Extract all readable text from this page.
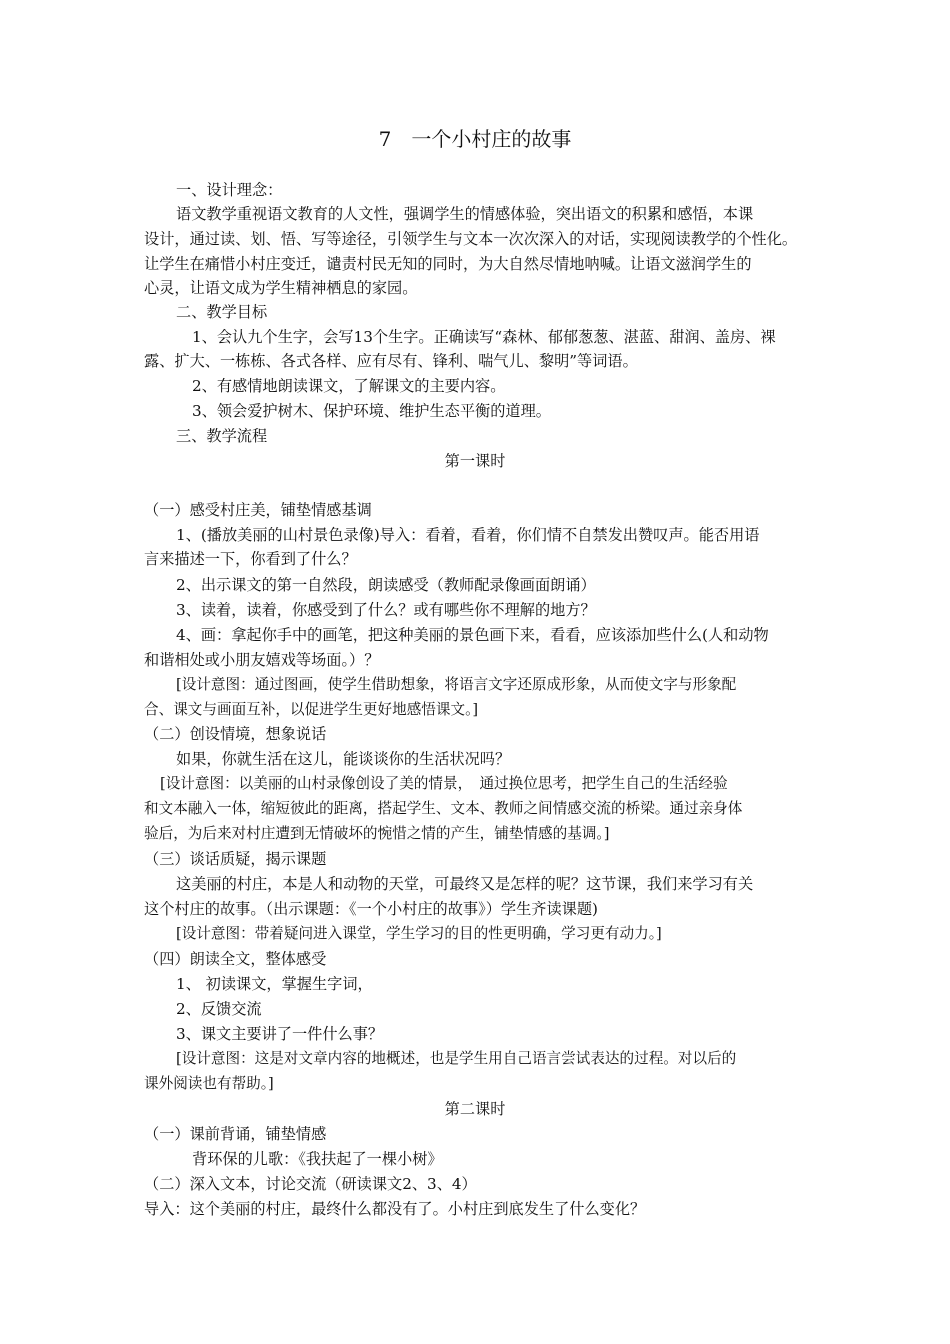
7　一个小村庄的故事
一、设计理念：
语文教学重视语文教育的人文性，强调学生的情感体验，突出语文的积累和感悟，本课
设计，通过读、划、悟、写等途径，引领学生与文本一次次深入的对话，实现阅读教学的个性化。
让学生在痛惜小村庄变迁，谴责村民无知的同时，为大自然尽情地呐喊。让语文滋润学生的
心灵，让语文成为学生精神栖息的家园。
二、教学目标
1、会认九个生字，会写13个生字。正确读写“森林、郁郁葱葱、湛蓝、甜润、盖房、裸
露、扩大、一栋栋、各式各样、应有尽有、锋利、喘气儿、黎明”等词语。
2、有感情地朗读课文，了解课文的主要内容。
3、领会爱护树木、保护环境、维护生态平衡的道理。
三、教学流程
第一课时
（一）感受村庄美，铺垫情感基调
1、(播放美丽的山村景色录像)导入：看着，看着，你们情不自禁发出赞叹声。能否用语
言来描述一下，你看到了什么？
2、出示课文的第一自然段，朗读感受（教师配录像画面朗诵）
3、读着，读着，你感受到了什么？或有哪些你不理解的地方？
4、画：拿起你手中的画笔，把这种美丽的景色画下来，看看，应该添加些什么(人和动物
和谐相处或小朋友嬉戏等场面。）？
[设计意图：通过图画，使学生借助想象，将语言文字还原成形象，从而使文字与形象配
合、课文与画面互补，以促进学生更好地感悟课文。]
（二）创设情境，想象说话
如果，你就生活在这儿，能谈谈你的生活状况吗？
[设计意图：以美丽的山村录像创设了美的情景，　通过换位思考，把学生自己的生活经验
和文本融入一体，缩短彼此的距离，搭起学生、文本、教师之间情感交流的桥梁。通过亲身体
验后，为后来对村庄遭到无情破坏的惋惜之情的产生，铺垫情感的基调。]
（三）谈话质疑，揭示课题
这美丽的村庄，本是人和动物的天堂，可最终又是怎样的呢？这节课，我们来学习有关
这个村庄的故事。（出示课题：《一个小村庄的故事》）学生齐读课题)
[设计意图：带着疑问进入课堂，学生学习的目的性更明确，学习更有动力。]
（四）朗读全文，整体感受
1、 初读课文，掌握生字词，
2、反馈交流
3、课文主要讲了一件什么事？
[设计意图：这是对文章内容的地概述，也是学生用自己语言尝试表达的过程。对以后的
课外阅读也有帮助。]
第二课时
（一）课前背诵，铺垫情感
背环保的儿歌：《我扶起了一棵小树》
（二）深入文本，讨论交流（研读课文2、3、4）
导入：这个美丽的村庄，最终什么都没有了。小村庄到底发生了什么变化？
